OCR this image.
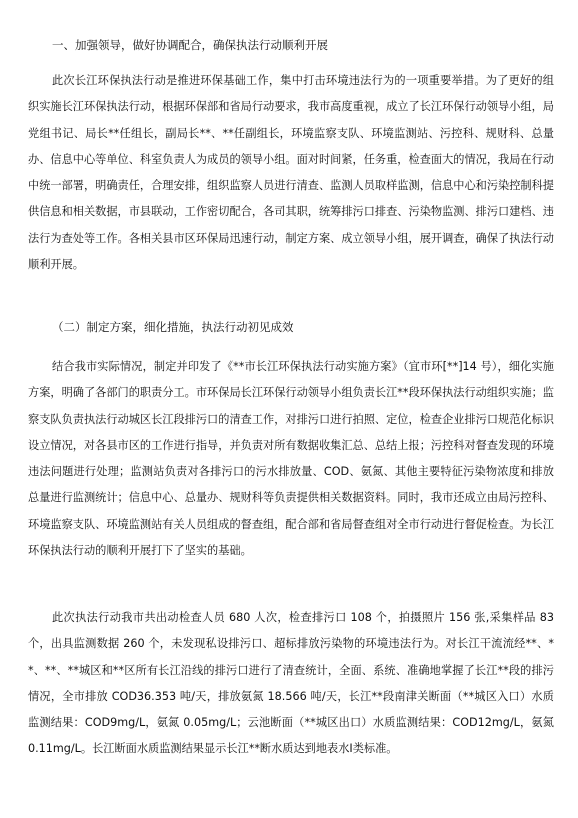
一、加强领导，做好协调配合，确保执法行动顺利开展
此次长江环保执法行动是推进环保基础工作，集中打击环境违法行为的一项重要举措。为了更好的组织实施长江环保执法行动，根据环保部和省局行动要求，我市高度重视，成立了长江环保行动领导小组，局党组书记、局长**任组长，副局长**、**任副组长，环境监察支队、环境监测站、污控科、规财科、总量办、信息中心等单位、科室负责人为成员的领导小组。面对时间紧，任务重，检查面大的情况，我局在行动中统一部署，明确责任，合理安排，组织监察人员进行清查、监测人员取样监测，信息中心和污染控制科提供信息和相关数据，市县联动，工作密切配合，各司其职，统筹排污口排查、污染物监测、排污口建档、违法行为查处等工作。各相关县市区环保局迅速行动，制定方案、成立领导小组，展开调查，确保了执法行动顺利开展。
（二）制定方案，细化措施，执法行动初见成效
结合我市实际情况，制定并印发了《**市长江环保执法行动实施方案》（宜市环[**]14 号），细化实施方案，明确了各部门的职责分工。市环保局长江环保行动领导小组负责长江**段环保执法行动组织实施；监察支队负责执法行动城区长江段排污口的清查工作，对排污口进行拍照、定位，检查企业排污口规范化标识设立情况，对各县市区的工作进行指导，并负责对所有数据收集汇总、总结上报；污控科对督查发现的环境违法问题进行处理；监测站负责对各排污口的污水排放量、COD、氨氮、其他主要特征污染物浓度和排放总量进行监测统计；信息中心、总量办、规财科等负责提供相关数据资料。同时，我市还成立由局污控科、环境监察支队、环境监测站有关人员组成的督查组，配合部和省局督查组对全市行动进行督促检查。为长江环保执法行动的顺利开展打下了坚实的基础。
此次执法行动我市共出动检查人员 680 人次，检查排污口 108 个，拍摄照片 156 张,采集样品 83 个，出具监测数据 260 个，未发现私设排污口、超标排放污染物的环境违法行为。对长江干流流经**、**、**、**城区和**区所有长江沿线的排污口进行了清查统计，全面、系统、准确地掌握了长江**段的排污情况，全市排放 COD36.353 吨/天，排放氨氮 18.566 吨/天，长江**段南津关断面（**城区入口）水质监测结果：COD9mg/L，氨氮 0.05mg/L；云池断面（**城区出口）水质监测结果：COD12mg/L，氨氮 0.11mg/L。长江断面水质监测结果显示长江**断水质达到地表水Ⅰ类标准。
